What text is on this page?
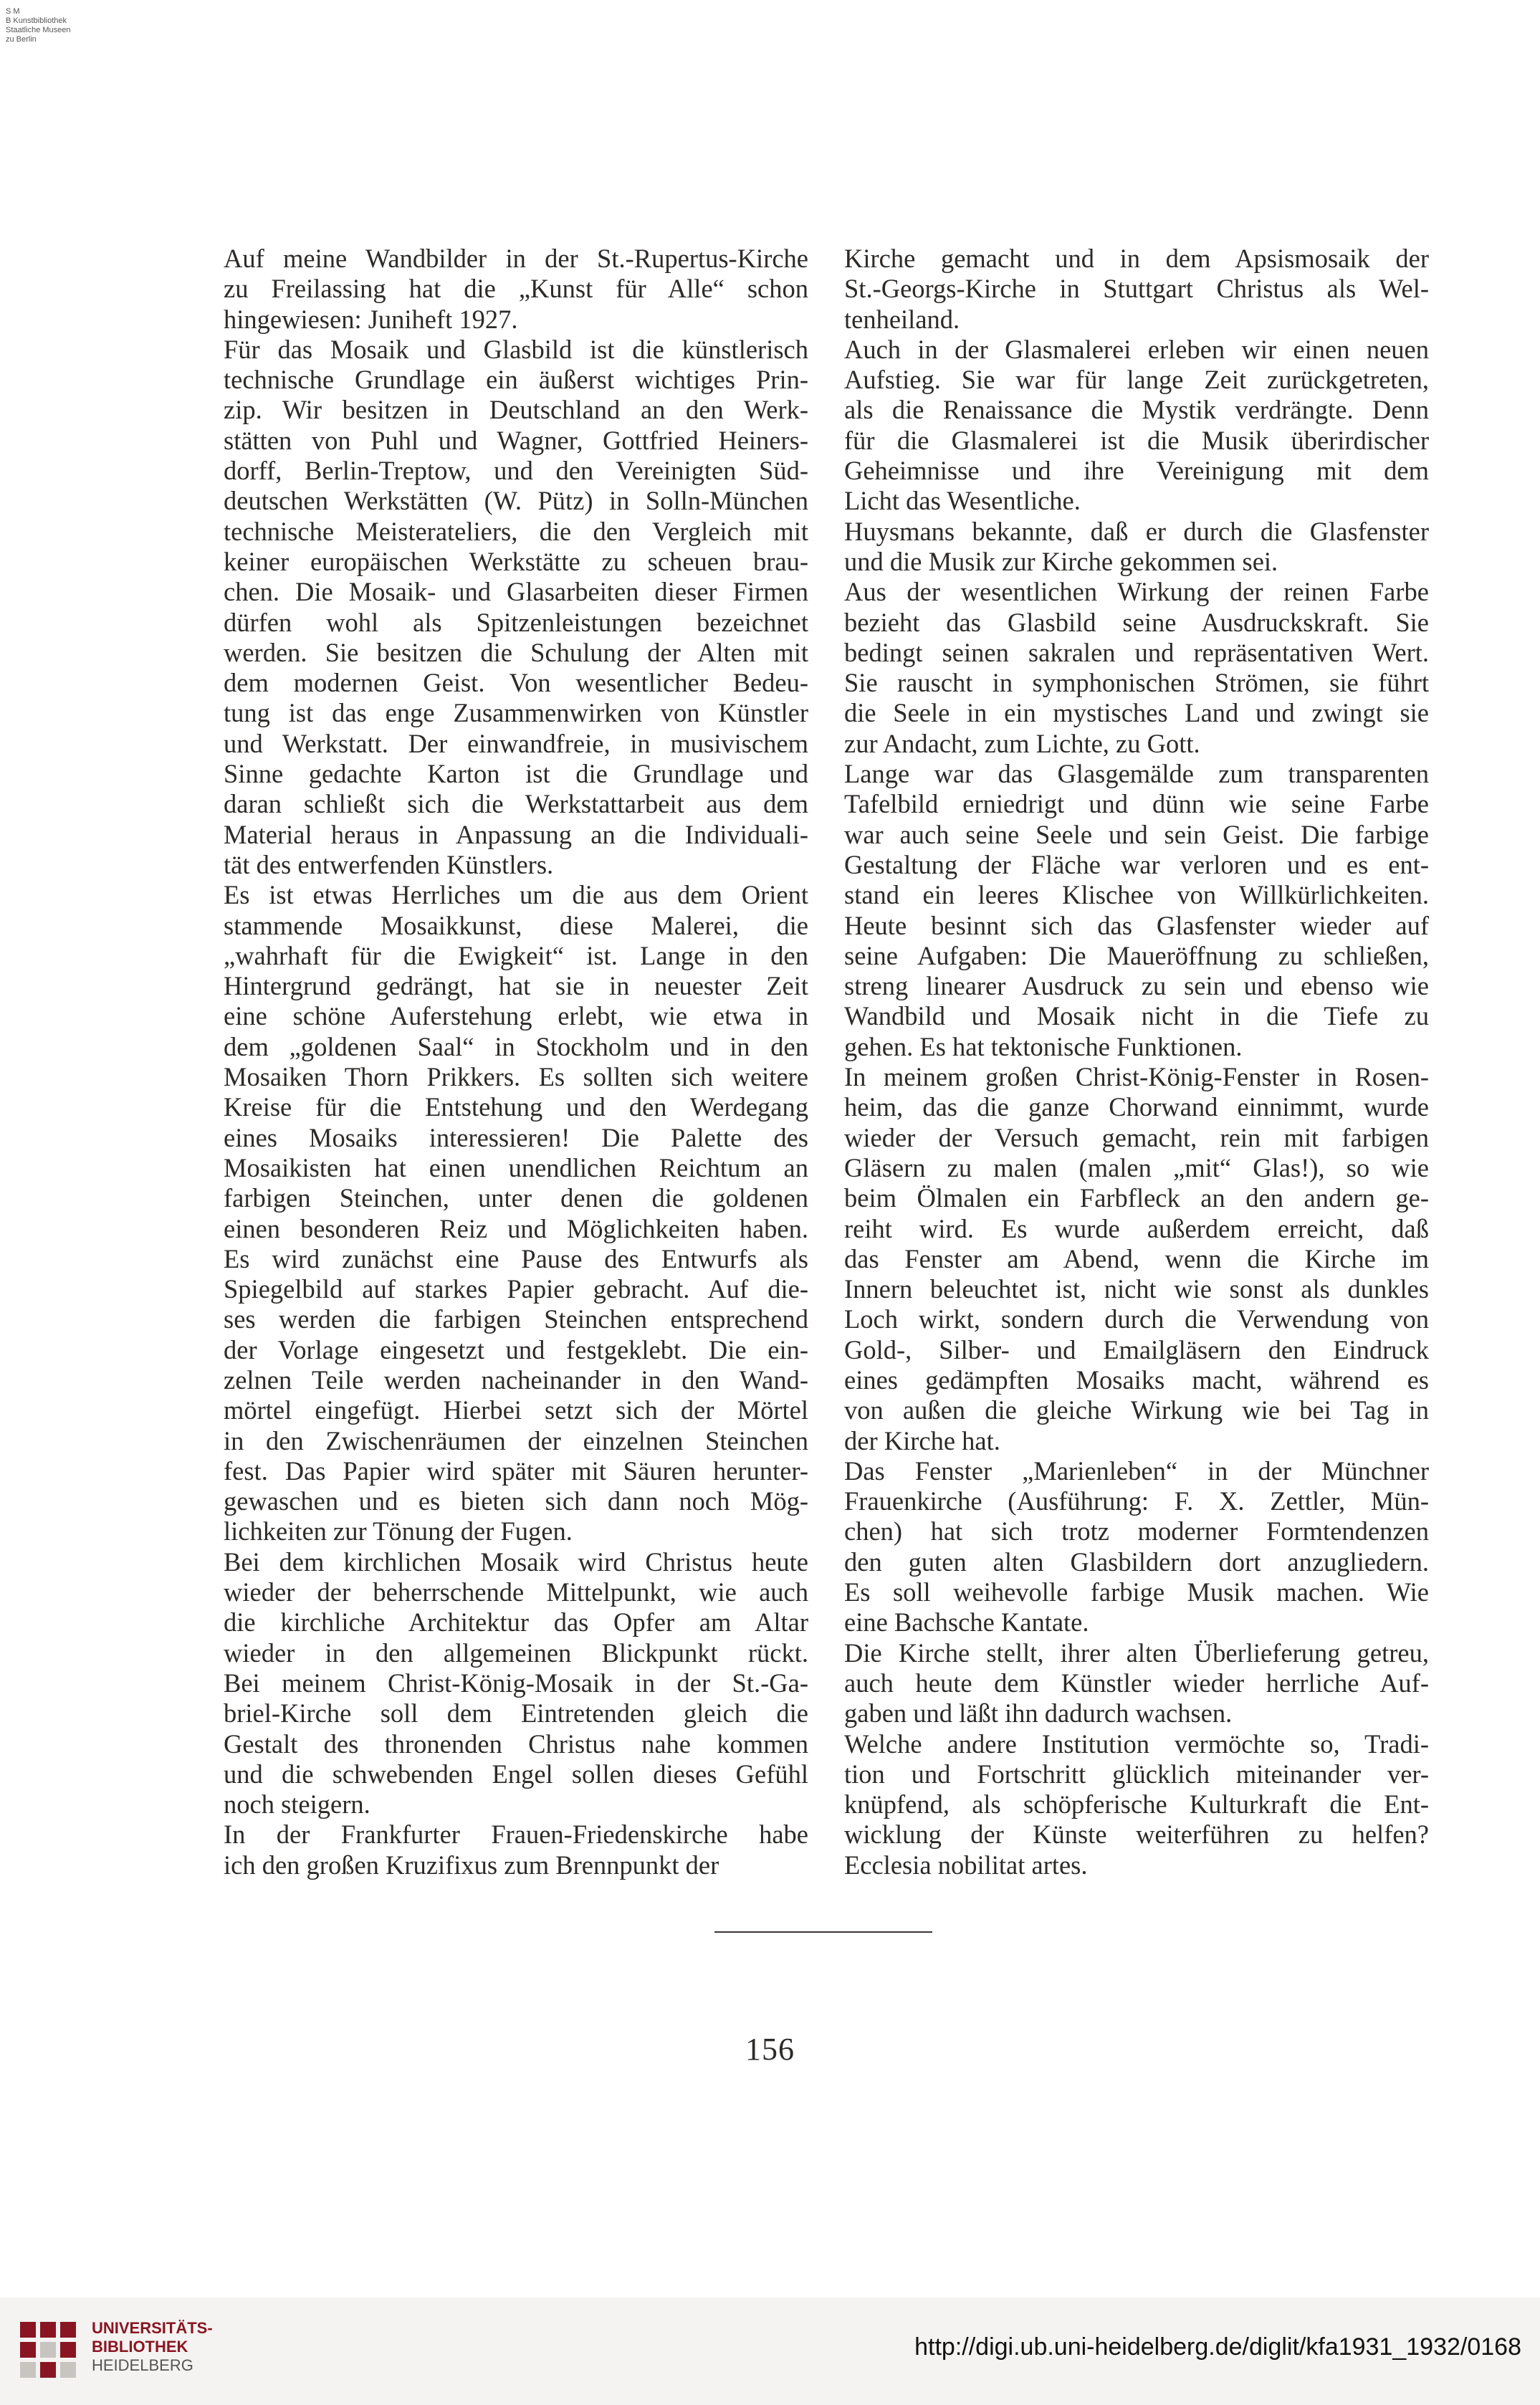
S M
B Kunstbibliothek
Staatliche Museen
zu Berlin
Auf meine Wandbilder in der St.-Rupertus-Kirche
zu Freilassing hat die „Kunst für Alle“ schon
hingewiesen: Juniheft 1927.
Für das Mosaik und Glasbild ist die künstlerisch
technische Grundlage ein äußerst wichtiges Prin-
zip. Wir besitzen in Deutschland an den Werk-
stätten von Puhl und Wagner, Gottfried Heiners-
dorff, Berlin-Treptow, und den Vereinigten Süd-
deutschen Werkstätten (W. Pütz) in Solln-München
technische Meisterateliers, die den Vergleich mit
keiner europäischen Werkstätte zu scheuen brau-
chen. Die Mosaik- und Glasarbeiten dieser Firmen
dürfen wohl als Spitzenleistungen bezeichnet
werden. Sie besitzen die Schulung der Alten mit
dem modernen Geist. Von wesentlicher Bedeu-
tung ist das enge Zusammenwirken von Künstler
und Werkstatt. Der einwandfreie, in musivischem
Sinne gedachte Karton ist die Grundlage und
daran schließt sich die Werkstattarbeit aus dem
Material heraus in Anpassung an die Individuali-
tät des entwerfenden Künstlers.
Es ist etwas Herrliches um die aus dem Orient
stammende Mosaikkunst, diese Malerei, die
„wahrhaft für die Ewigkeit“ ist. Lange in den
Hintergrund gedrängt, hat sie in neuester Zeit
eine schöne Auferstehung erlebt, wie etwa in
dem „goldenen Saal“ in Stockholm und in den
Mosaiken Thorn Prikkers. Es sollten sich weitere
Kreise für die Entstehung und den Werdegang
eines Mosaiks interessieren! Die Palette des
Mosaikisten hat einen unendlichen Reichtum an
farbigen Steinchen, unter denen die goldenen
einen besonderen Reiz und Möglichkeiten haben.
Es wird zunächst eine Pause des Entwurfs als
Spiegelbild auf starkes Papier gebracht. Auf die-
ses werden die farbigen Steinchen entsprechend
der Vorlage eingesetzt und festgeklebt. Die ein-
zelnen Teile werden nacheinander in den Wand-
mörtel eingefügt. Hierbei setzt sich der Mörtel
in den Zwischenräumen der einzelnen Steinchen
fest. Das Papier wird später mit Säuren herunter-
gewaschen und es bieten sich dann noch Mög-
lichkeiten zur Tönung der Fugen.
Bei dem kirchlichen Mosaik wird Christus heute
wieder der beherrschende Mittelpunkt, wie auch
die kirchliche Architektur das Opfer am Altar
wieder in den allgemeinen Blickpunkt rückt.
Bei meinem Christ-König-Mosaik in der St.-Ga-
briel-Kirche soll dem Eintretenden gleich die
Gestalt des thronenden Christus nahe kommen
und die schwebenden Engel sollen dieses Gefühl
noch steigern.
In der Frankfurter Frauen-Friedenskirche habe
ich den großen Kruzifixus zum Brennpunkt der
Kirche gemacht und in dem Apsismosaik der
St.-Georgs-Kirche in Stuttgart Christus als Wel-
tenheiland.
Auch in der Glasmalerei erleben wir einen neuen
Aufstieg. Sie war für lange Zeit zurückgetreten,
als die Renaissance die Mystik verdrängte. Denn
für die Glasmalerei ist die Musik überirdischer
Geheimnisse und ihre Vereinigung mit dem
Licht das Wesentliche.
Huysmans bekannte, daß er durch die Glasfenster
und die Musik zur Kirche gekommen sei.
Aus der wesentlichen Wirkung der reinen Farbe
bezieht das Glasbild seine Ausdruckskraft. Sie
bedingt seinen sakralen und repräsentativen Wert.
Sie rauscht in symphonischen Strömen, sie führt
die Seele in ein mystisches Land und zwingt sie
zur Andacht, zum Lichte, zu Gott.
Lange war das Glasgemälde zum transparenten
Tafelbild erniedrigt und dünn wie seine Farbe
war auch seine Seele und sein Geist. Die farbige
Gestaltung der Fläche war verloren und es ent-
stand ein leeres Klischee von Willkürlichkeiten.
Heute besinnt sich das Glasfenster wieder auf
seine Aufgaben: Die Maueröffnung zu schließen,
streng linearer Ausdruck zu sein und ebenso wie
Wandbild und Mosaik nicht in die Tiefe zu
gehen. Es hat tektonische Funktionen.
In meinem großen Christ-König-Fenster in Rosen-
heim, das die ganze Chorwand einnimmt, wurde
wieder der Versuch gemacht, rein mit farbigen
Gläsern zu malen (malen „mit“ Glas!), so wie
beim Ölmalen ein Farbfleck an den andern ge-
reiht wird. Es wurde außerdem erreicht, daß
das Fenster am Abend, wenn die Kirche im
Innern beleuchtet ist, nicht wie sonst als dunkles
Loch wirkt, sondern durch die Verwendung von
Gold-, Silber- und Emailgläsern den Eindruck
eines gedämpften Mosaiks macht, während es
von außen die gleiche Wirkung wie bei Tag in
der Kirche hat.
Das Fenster „Marienleben“ in der Münchner
Frauenkirche (Ausführung: F. X. Zettler, Mün-
chen) hat sich trotz moderner Formtendenzen
den guten alten Glasbildern dort anzugliedern.
Es soll weihevolle farbige Musik machen. Wie
eine Bachsche Kantate.
Die Kirche stellt, ihrer alten Überlieferung getreu,
auch heute dem Künstler wieder herrliche Auf-
gaben und läßt ihn dadurch wachsen.
Welche andere Institution vermöchte so, Tradi-
tion und Fortschritt glücklich miteinander ver-
knüpfend, als schöpferische Kulturkraft die Ent-
wicklung der Künste weiterführen zu helfen?
Ecclesia nobilitat artes.
156
UNIVERSITÄTS-
BIBLIOTHEK
HEIDELBERG
http://digi.ub.uni-heidelberg.de/diglit/kfa1931_1932/0168
